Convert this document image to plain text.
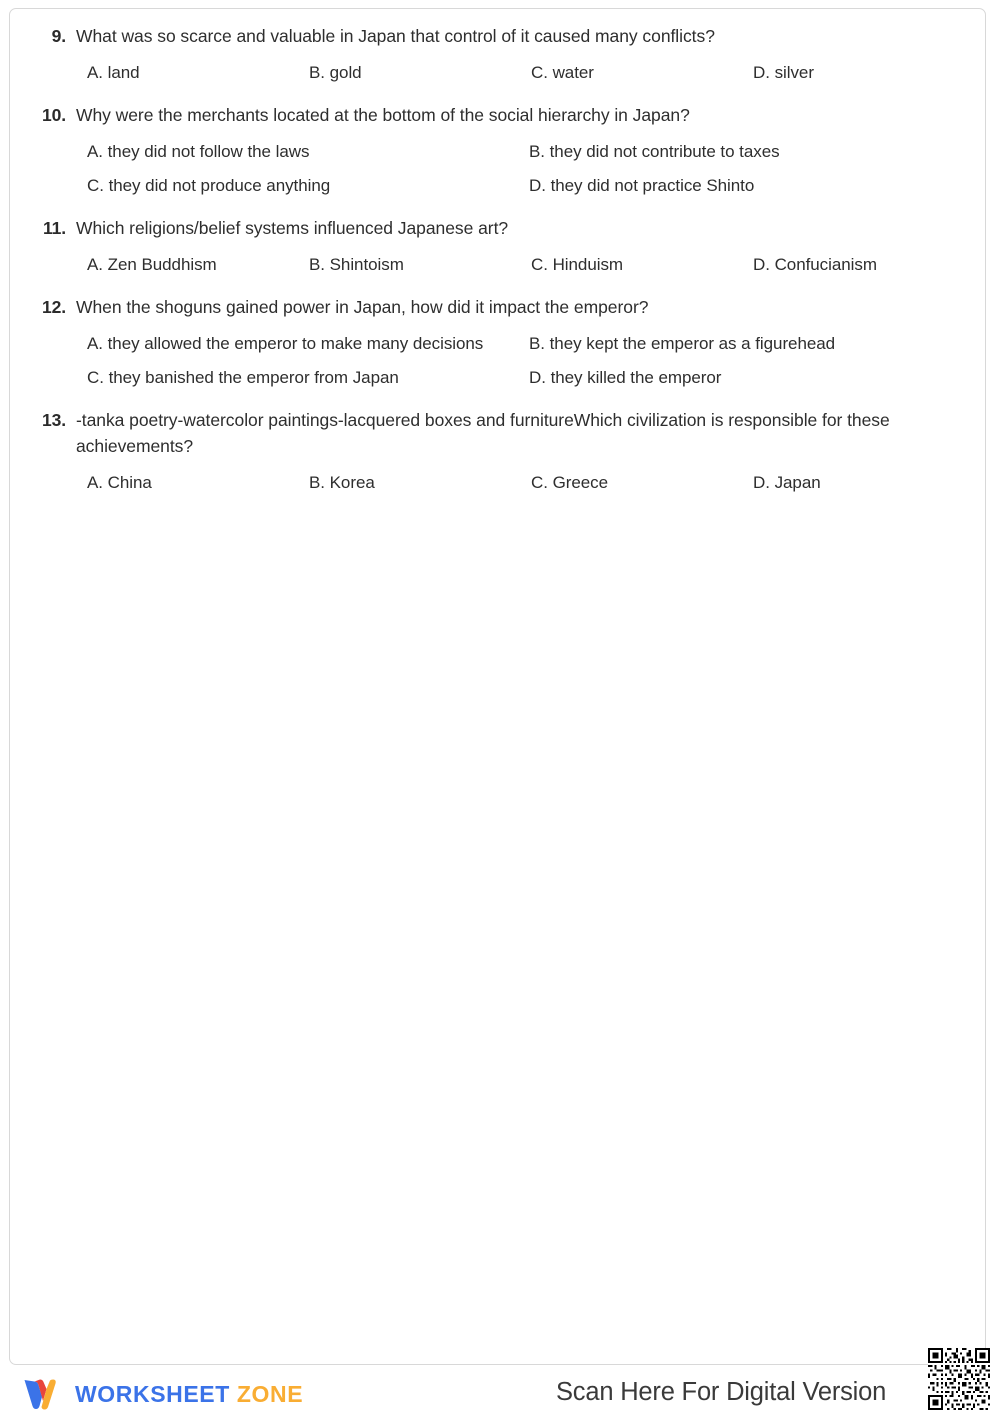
9. What was so scarce and valuable in Japan that control of it caused many conflicts?
A. land	B. gold	C. water	D. silver
10. Why were the merchants located at the bottom of the social hierarchy in Japan?
A. they did not follow the laws	B. they did not contribute to taxes
C. they did not produce anything	D. they did not practice Shinto
11. Which religions/belief systems influenced Japanese art?
A. Zen Buddhism	B. Shintoism	C. Hinduism	D. Confucianism
12. When the shoguns gained power in Japan, how did it impact the emperor?
A. they allowed the emperor to make many decisions	B. they kept the emperor as a figurehead
C. they banished the emperor from Japan	D. they killed the emperor
13. -tanka poetry-watercolor paintings-lacquered boxes and furnitureWhich civilization is responsible for these achievements?
A. China	B. Korea	C. Greece	D. Japan
WORKSHEET ZONE	Scan Here For Digital Version
